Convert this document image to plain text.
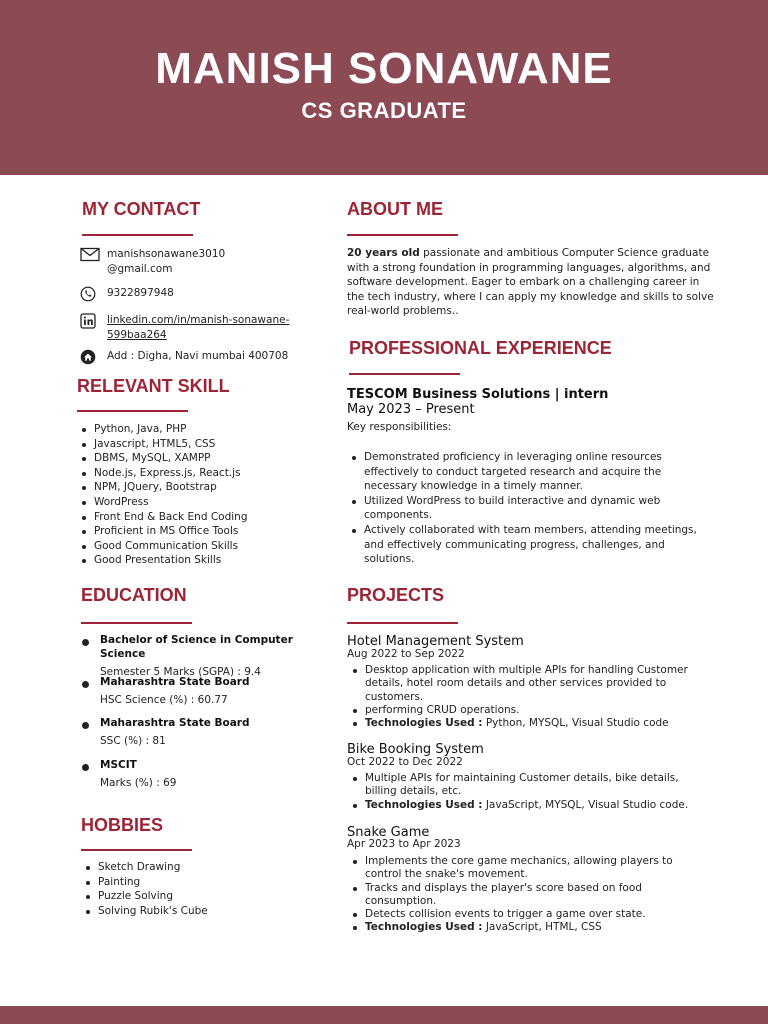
MANISH SONAWANE
CS GRADUATE
MY CONTACT
manishsonawane3010
@gmail.com
9322897948
linkedin.com/in/manish-sonawane-
599baa264
Add : Digha, Navi mumbai 400708
RELEVANT SKILL
Python, Java, PHP
Javascript, HTML5, CSS
DBMS, MySQL, XAMPP
Node.js, Express.js, React.js
NPM, JQuery, Bootstrap
WordPress
Front End & Back End Coding
Proficient in MS Office Tools
Good Communication Skills
Good Presentation Skills
EDUCATION
Bachelor of Science in Computer Science
Semester 5 Marks (SGPA) : 9.4
Maharashtra State Board
HSC Science (%) : 60.77
Maharashtra State Board
SSC (%) : 81
MSCIT
Marks (%) : 69
HOBBIES
Sketch Drawing
Painting
Puzzle Solving
Solving Rubik's Cube
ABOUT ME
20 years old passionate and ambitious Computer Science graduate with a strong foundation in programming languages, algorithms, and software development. Eager to embark on a challenging career in the tech industry, where I can apply my knowledge and skills to solve real-world problems..
PROFESSIONAL EXPERIENCE
TESCOM Business Solutions | intern
May 2023 – Present
Key responsibilities:
Demonstrated proficiency in leveraging online resources effectively to conduct targeted research and acquire the necessary knowledge in a timely manner.
Utilized WordPress to build interactive and dynamic web components.
Actively collaborated with team members, attending meetings, and effectively communicating progress, challenges, and solutions.
PROJECTS
Hotel Management System
Aug 2022 to Sep 2022
Desktop application with multiple APIs for handling Customer details, hotel room details and other services provided to customers.
performing CRUD operations.
Technologies Used : Python, MYSQL, Visual Studio code
Bike Booking System
Oct 2022 to Dec 2022
Multiple APIs for maintaining Customer details, bike details, billing details, etc.
Technologies Used : JavaScript, MYSQL, Visual Studio code.
Snake Game
Apr 2023 to Apr 2023
Implements the core game mechanics, allowing players to control the snake's movement.
Tracks and displays the player's score based on food consumption.
Detects collision events to trigger a game over state.
Technologies Used : JavaScript, HTML, CSS
